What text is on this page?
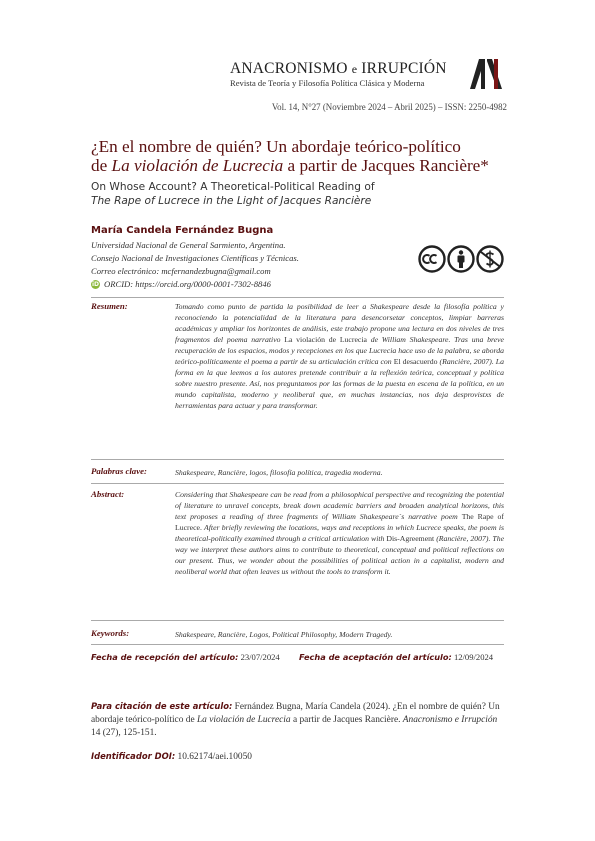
ANACRONISMO e IRRUPCIÓN
Revista de Teoría y Filosofía Política Clásica y Moderna
Vol. 14, N°27 (Noviembre 2024 – Abril 2025) – ISSN: 2250-4982
¿En el nombre de quién? Un abordaje teórico-político
de La violación de Lucrecia a partir de Jacques Rancière*
On Whose Account? A Theoretical-Political Reading of
The Rape of Lucrece in the Light of Jacques Rancière
María Candela Fernández Bugna
Universidad Nacional de General Sarmiento, Argentina.
Consejo Nacional de Investigaciones Científicas y Técnicas.
Correo electrónico: mcfernandezbugna@gmail.com
iD ORCID: https://orcid.org/0000-0001-7302-8846
Resumen:	Tomando como punto de partida la posibilidad de leer a Shakespeare desde la filosofía política y reconociendo la potencialidad de la literatura para desencorsetar conceptos, limpiar barreras académicas y ampliar los horizontes de análisis, este trabajo propone una lectura en dos niveles de tres fragmentos del poema narrativo La violación de Lucrecia de William Shakespeare. Tras una breve recuperación de los espacios, modos y recepciones en los que Lucrecia hace uso de la palabra, se aborda teórico-políticamente el poema a partir de su articulación crítica con El desacuerdo (Rancière, 2007). La forma en la que leemos a los autores pretende contribuir a la reflexión teórica, conceptual y política sobre nuestro presente. Así, nos preguntamos por las formas de la puesta en escena de la política, en un mundo capitalista, moderno y neoliberal que, en muchas instancias, nos deja desprovistxs de herramientas para actuar y para transformar.
Palabras clave:	Shakespeare, Rancière, logos, filosofía política, tragedia moderna.
Abstract:	Considering that Shakespeare can be read from a philosophical perspective and recognizing the potential of literature to unravel concepts, break down academic barriers and broaden analytical horizons, this text proposes a reading of three fragments of William Shakespeare´s narrative poem The Rape of Lucrece. After briefly reviewing the locations, ways and receptions in which Lucrece speaks, the poem is theoretical-politically examined through a critical articulation with Dis-Agreement (Rancière, 2007). The way we interpret these authors aims to contribute to theoretical, conceptual and political reflections on our present. Thus, we wonder about the possibilities of political action in a capitalist, modern and neoliberal world that often leaves us without the tools to transform it.
Keywords:	Shakespeare, Rancière, Logos, Political Philosophy, Modern Tragedy.
Fecha de recepción del artículo: 23/07/2024 Fecha de aceptación del artículo: 12/09/2024
Para citación de este artículo: Fernández Bugna, María Candela (2024). ¿En el nombre de quién? Un abordaje teórico-político de La violación de Lucrecia a partir de Jacques Rancière. Anacronismo e Irrupción 14 (27), 125-151.
Identificador DOI: 10.62174/aei.10050
